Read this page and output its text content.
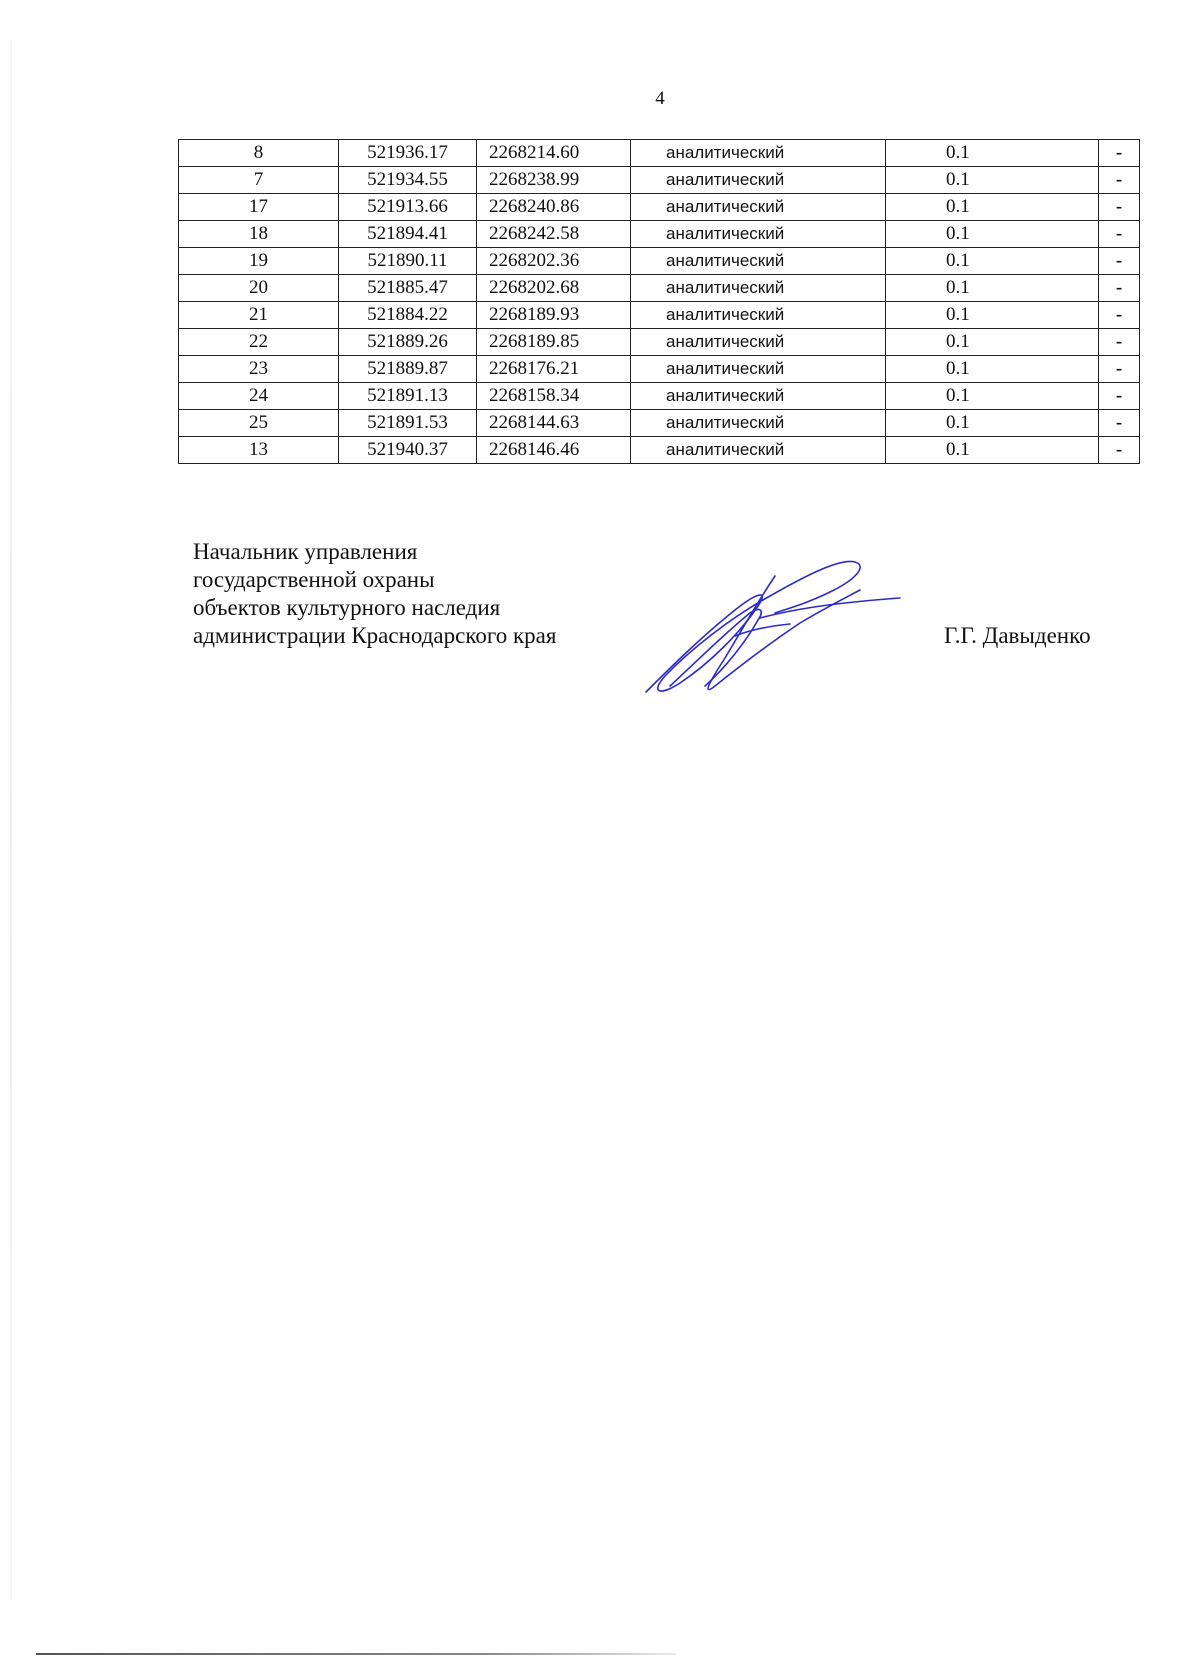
4
8	521936.17	2268214.60	аналитический	0.1	-
7	521934.55	2268238.99	аналитический	0.1	-
17	521913.66	2268240.86	аналитический	0.1	-
18	521894.41	2268242.58	аналитический	0.1	-
19	521890.11	2268202.36	аналитический	0.1	-
20	521885.47	2268202.68	аналитический	0.1	-
21	521884.22	2268189.93	аналитический	0.1	-
22	521889.26	2268189.85	аналитический	0.1	-
23	521889.87	2268176.21	аналитический	0.1	-
24	521891.13	2268158.34	аналитический	0.1	-
25	521891.53	2268144.63	аналитический	0.1	-
13	521940.37	2268146.46	аналитический	0.1	-
Начальник управления
государственной охраны
объектов культурного наследия
администрации Краснодарского края	Г.Г. Давыденко
